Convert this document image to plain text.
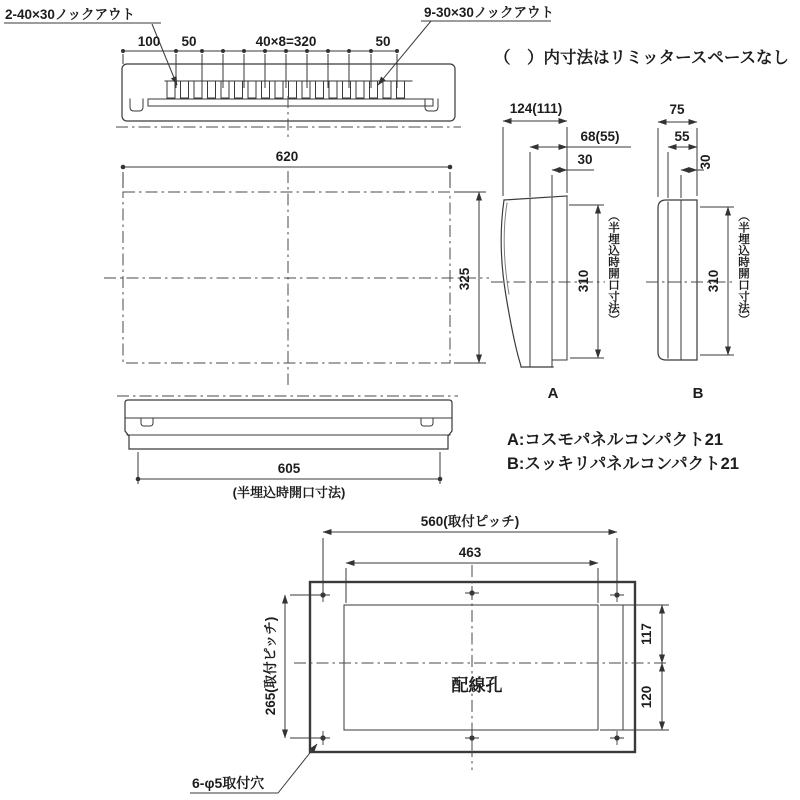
2-40×30ノックアウト	9-30×30ノックアウト
100 50	40×8=320	50
620
325
605
(半埋込時開口寸法)
（　）内寸法はリミッタースペースなし
124(111)
68(55)
30
310 （半埋込時開口寸法）
A
75
55
30
310 （半埋込時開口寸法）
B
A:コスモパネルコンパクト21
B:スッキリパネルコンパクト21
560(取付ピッチ)
463
265(取付ピッチ)	117
120
配線孔
6-φ5取付穴
